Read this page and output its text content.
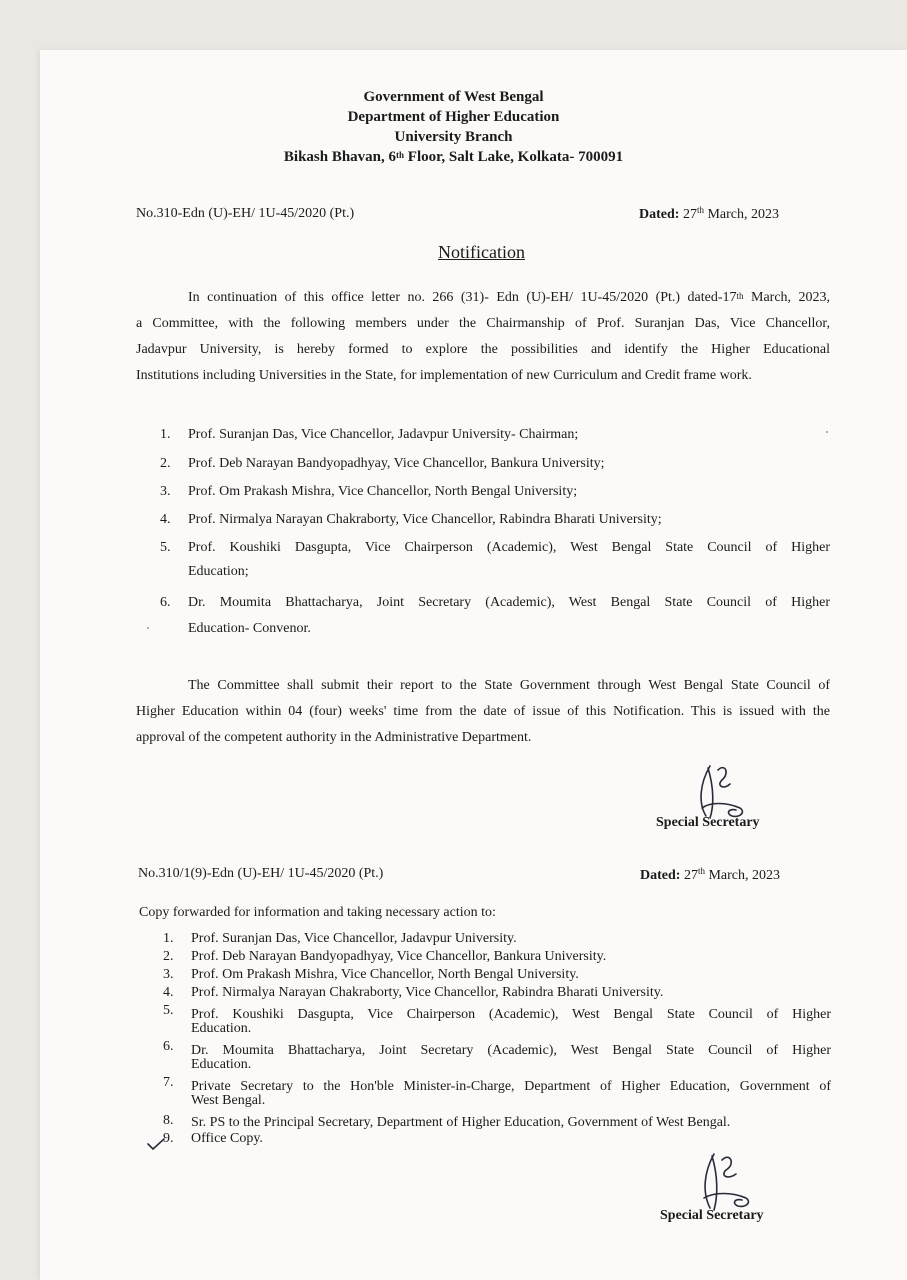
Government of West Bengal
Department of Higher Education
University Branch
Bikash Bhavan, 6th Floor, Salt Lake, Kolkata- 700091
No.310-Edn (U)-EH/ 1U-45/2020 (Pt.)	Dated: 27th March, 2023
Notification
In continuation of this office letter no. 266 (31)- Edn (U)-EH/ 1U-45/2020 (Pt.) dated-17th March, 2023,
a Committee, with the following members under the Chairmanship of Prof. Suranjan Das, Vice Chancellor,
Jadavpur University, is hereby formed to explore the possibilities and identify the Higher Educational
Institutions including Universities in the State, for implementation of new Curriculum and Credit frame work.
1.	Prof. Suranjan Das, Vice Chancellor, Jadavpur University- Chairman;
2.	Prof. Deb Narayan Bandyopadhyay, Vice Chancellor, Bankura University;
3.	Prof. Om Prakash Mishra, Vice Chancellor, North Bengal University;
4.	Prof. Nirmalya Narayan Chakraborty, Vice Chancellor, Rabindra Bharati University;
5.	Prof. Koushiki Dasgupta, Vice Chairperson (Academic), West Bengal State Council of Higher
Education;
6.	Dr. Moumita Bhattacharya, Joint Secretary (Academic), West Bengal State Council of Higher
Education- Convenor.
The Committee shall submit their report to the State Government through West Bengal State Council of
Higher Education within 04 (four) weeks' time from the date of issue of this Notification. This is issued with the
approval of the competent authority in the Administrative Department.
Special Secretary
No.310/1(9)-Edn (U)-EH/ 1U-45/2020 (Pt.)	Dated: 27th March, 2023
Copy forwarded for information and taking necessary action to:
1.	Prof. Suranjan Das, Vice Chancellor, Jadavpur University.
2.	Prof. Deb Narayan Bandyopadhyay, Vice Chancellor, Bankura University.
3.	Prof. Om Prakash Mishra, Vice Chancellor, North Bengal University.
4.	Prof. Nirmalya Narayan Chakraborty, Vice Chancellor, Rabindra Bharati University.
5.	Prof. Koushiki Dasgupta, Vice Chairperson (Academic), West Bengal State Council of Higher
Education.
6.	Dr. Moumita Bhattacharya, Joint Secretary (Academic), West Bengal State Council of Higher
Education.
7.	Private Secretary to the Hon'ble Minister-in-Charge, Department of Higher Education, Government of
West Bengal.
8.	Sr. PS to the Principal Secretary, Department of Higher Education, Government of West Bengal.
9.	Office Copy.
Special Secretary
